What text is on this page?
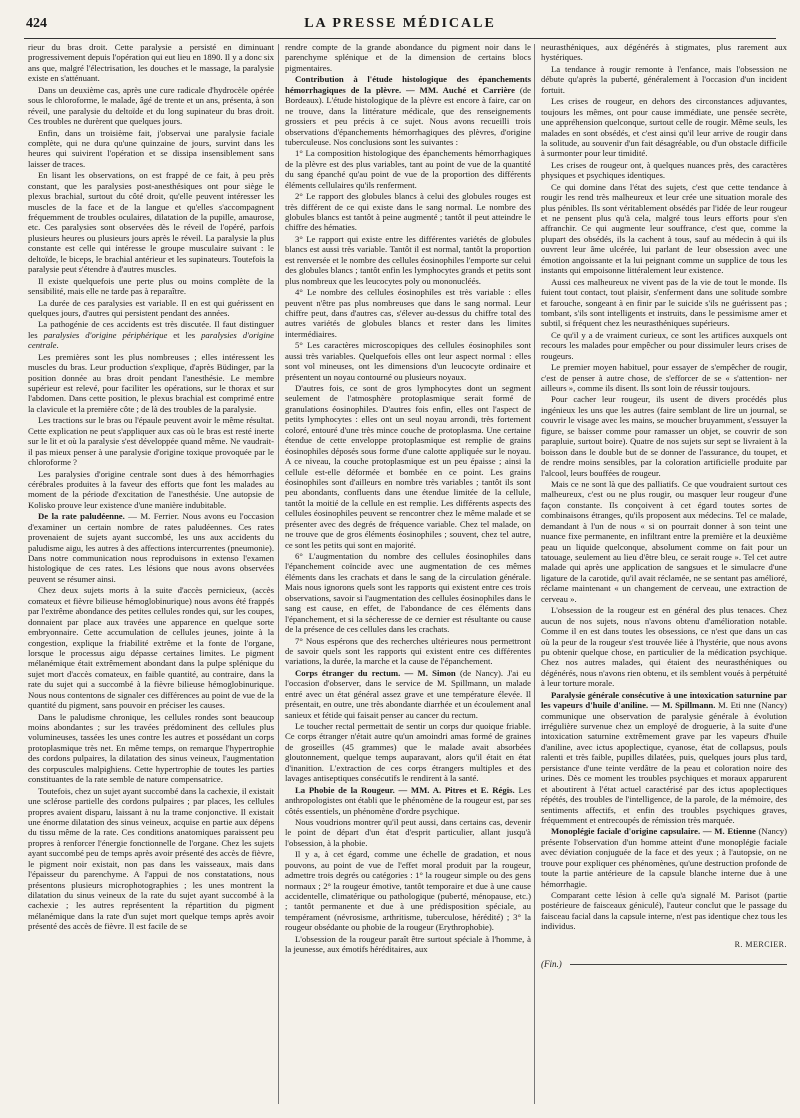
424	LA PRESSE MÉDICALE

rieur du bras droit. Cette paralysie a persisté en diminuant progressivement depuis l'opération qui eut lieu en 1890. Il y a donc six ans que, malgré l'électrisation, les douches et le massage, la paralysie existe en s'atténuant.

Dans un deuxième cas, après une cure radicale d'hydrocèle opérée sous le chloroforme, le malade, âgé de trente et un ans, présenta, à son réveil, une paralysie du deltoïde et du long supinateur du bras droit. Ces troubles ne durèrent que quelques jours.

Enfin, dans un troisième fait, j'observai une paralysie faciale complète, qui ne dura qu'une quinzaine de jours, survint dans les heures qui suivirent l'opération et se dissipa insensiblement sans laisser de traces.

En lisant les observations, on est frappé de ce fait, à peu près constant, que les paralysies post-anesthésiques ont pour siège le plexus brachial, surtout du côté droit, qu'elle peuvent intéresser les muscles de la face et de la langue et qu'elles s'accompagnent fréquemment de troubles oculaires, dilatation de la pupille, amaurose, etc. Ces paralysies sont observées dès le réveil de l'opéré, parfois plusieurs heures ou plusieurs jours après le réveil. La paralysie la plus constante est celle qui intéresse le groupe musculaire suivant : le deltoïde, le biceps, le brachial antérieur et les supinateurs. Toutefois la paralysie peut s'étendre à d'autres muscles.

Il existe quelquefois une perte plus ou moins complète de la sensibilité, mais elle ne tarde pas à reparaître.

La durée de ces paralysies est variable. Il en est qui guérissent en quelques jours, d'autres qui persistent pendant des années.

La pathogénie de ces accidents est très discutée. Il faut distinguer les paralysies d'origine périphérique et les paralysies d'origine centrale.

Les premières sont les plus nombreuses ; elles intéressent les muscles du bras. Leur production s'explique, d'après Büdinger, par la position donnée au bras droit pendant l'anesthésie. Le membre supérieur est relevé, pour faciliter les opérations, sur le thorax et sur l'abdomen. Dans cette position, le plexus brachial est comprimé entre la clavicule et la première côte ; de là des troubles de la paralysie.

Les tractions sur le bras ou l'épaule peuvent avoir le même résultat. Cette explication ne peut s'appliquer aux cas où le bras est resté inerte sur le lit et où la paralysie s'est développée quand même. Ne vaudrait-il pas mieux penser à une paralysie d'origine toxique provoquée par le chloroforme ?

Les paralysies d'origine centrale sont dues à des hémorrhagies cérébrales produites à la faveur des efforts que font les malades au moment de la période d'excitation de l'anesthésie. Une autopsie de Kolisko prouve leur existence d'une manière indubitable.

De la rate paludéenne. — M. Ferrier. Nous avons eu l'occasion d'examiner un certain nombre de rates paludéennes. Ces rates provenaient de sujets ayant succombé, les uns aux accidents du paludisme aigu, les autres à des affections intercurrentes (pneumonie). Dans notre communication nous reproduisons in extenso l'examen histologique de ces rates. Les lésions que nous avons observées peuvent se résumer ainsi.

Chez deux sujets morts à la suite d'accès pernicieux, (accès comateux et fièvre bilieuse hémoglobinurique) nous avons été frappés par l'extrême abondance des petites cellules rondes qui, sur les coupes, donnaient par place aux travées une apparence en quelque sorte embryonnaire. Cette accumulation de cellules jeunes, jointe à la congestion, explique la friabilité extrême et la fonte de l'organe, lorsque le processus aigu dépasse certaines limites. Le pigment mélanémique était extrêmement abondant dans la pulpe splénique du sujet mort d'accès comateux, en faible quantité, au contraire, dans la rate du sujet qui a succombé à la fièvre bilieuse hémoglobinurique. Nous nous contentons de signaler ces différences au point de vue de la quantité du pigment, sans pouvoir en préciser les causes.

Dans le paludisme chronique, les cellules rondes sont beaucoup moins abondantes ; sur les travées prédominent des cellules plus volumineuses, tassées les unes contre les autres et possédant un corps protoplasmique très net. En même temps, on remarque l'hypertrophie des cordons pulpaires, la dilatation des sinus veineux, l'augmentation des corpuscules malpighiens. Cette hypertrophie de toutes les parties constituantes de la rate semble de nature compensatrice.

Toutefois, chez un sujet ayant succombé dans la cachexie, il existait une sclérose partielle des cordons pulpaires ; par places, les cellules propres avaient disparu, laissant à nu la trame conjonctive. Il existait une énorme dilatation des sinus veineux, acquise en partie aux dépens du tissu même de la rate. Ces conditions anatomiques paraissent peu propres à renforcer l'énergie fonctionnelle de l'organe. Chez les sujets ayant succombé peu de temps après avoir présenté des accès de fièvre, le pigment noir existait, non pas dans les vaisseaux, mais dans l'épaisseur du parenchyme. A l'appui de nos constatations, nous présentons plusieurs microphotographies ; les unes montrent la dilatation du sinus veineux de la rate du sujet ayant succombé à la cachexie ; les autres représentent la répartition du pigment mélanémique dans la rate d'un sujet mort quelque temps après avoir présenté des accès de fièvre. Il est facile de se

rendre compte de la grande abondance du pigment noir dans le parenchyme splénique et de la dimension de certains blocs pigmentaires.

Contribution à l'étude histologique des épanchements hémorrhagiques de la plèvre. — MM. Auché et Carrière (de Bordeaux). L'étude histologique de la plèvre est encore à faire, car on ne trouve, dans la littérature médicale, que des renseignements grossiers et peu précis à ce sujet. Nous avons recueilli trois observations d'épanchements hémorrhagiques des plèvres, d'origine tuberculeuse. Nos conclusions sont les suivantes :

1° La composition histologique des épanchements hémorrhagiques de la plèvre est des plus variables, tant au point de vue de la quantité du sang épanché qu'au point de vue de la proportion des différents éléments cellulaires qu'ils renferment.

2° Le rapport des globules blancs à celui des globules rouges est très différent de ce qui existe dans le sang normal. Le nombre des globules blancs est tantôt à peine augmenté ; tantôt il peut atteindre le chiffre des hématies.

3° Le rapport qui existe entre les différentes variétés de globules blancs est aussi très variable. Tantôt il est normal, tantôt la proportion est renversée et le nombre des cellules éosinophiles l'emporte sur celui des globules blancs ; tantôt enfin les lymphocytes grands et petits sont plus nombreux que les leucocytes poly ou mononucléés.

4° Le nombre des cellules éosinophiles est très variable : elles peuvent n'être pas plus nombreuses que dans le sang normal. Leur chiffre peut, dans d'autres cas, s'élever au-dessus du chiffre total des autres variétés de globules blancs et rester dans les limites intermédiaires.

5° Les caractères microscopiques des cellules éosinophiles sont aussi très variables. Quelquefois elles ont leur aspect normal : elles sont vol mineuses, ont les dimensions d'un leucocyte ordinaire et présentent un noyau contourné ou plusieurs noyaux.

D'autres fois, ce sont de gros lymphocytes dont un segment seulement de l'atmosphère protoplasmique serait formé de granulations éosinophiles. D'autres fois enfin, elles ont l'aspect de petits lymphocytes : elles ont un seul noyau arrondi, très fortement coloré, entouré d'une très mince couche de protoplasma. Une certaine étendue de cette enveloppe protoplasmique est remplie de grains éosinophiles déposés sous forme d'une calotte appliquée sur le noyau. A ce niveau, la couche protoplasmique est un peu épaisse ; ainsi la cellule est-elle déformée et bombée en ce point. Les grains éosinophiles sont d'ailleurs en nombre très variables ; tantôt ils sont peu abondants, confluents dans une étendue limitée de la cellule, tantôt la moitié de la cellule en est remplie. Les différents aspects des cellules éosinophiles peuvent se rencontrer chez le même malade et se présenter avec des degrés de fréquence variable. Chez tel malade, on ne trouve que de gros éléments éosinophiles ; souvent, chez tel autre, ce sont les petits qui sont en majorité.

6° L'augmentation du nombre des cellules éosinophiles dans l'épanchement coïncide avec une augmentation de ces mêmes éléments dans les crachats et dans le sang de la circulation générale. Mais nous ignorons quels sont les rapports qui existent entre ces trois observations, savoir si l'augmentation des cellules éosinophiles dans le sang est cause, en effet, de l'abondance de ces éléments dans l'épanchement, et si la sécheresse de ce dernier est résultante ou cause de la présence de ces cellules dans les crachats.

7° Nous espérons que des recherches ultérieures nous permettront de savoir quels sont les rapports qui existent entre ces différentes variations, la durée, la marche et la cause de l'épanchement.

Corps étranger du rectum. — M. Simon (de Nancy). J'ai eu l'occasion d'observer, dans le service de M. Spillmann, un malade entré avec un état général assez grave et une température élevée. Il présentait, en outre, une très abondante diarrhée et un écoulement anal sanieux et fétide qui faisait penser au cancer du rectum.

Le toucher rectal permettait de sentir un corps dur quoique friable. Ce corps étranger n'était autre qu'un amoindri amas formé de graines de groseilles (45 grammes) que le malade avait absorbées gloutonnement, quelque temps auparavant, alors qu'il était en état d'inanition. L'extraction de ces corps étrangers multiples et des lavages antiseptiques consécutifs le rendirent à la santé.

La Phobie de la Rougeur. — MM. A. Pitres et E. Régis. Les anthropologistes ont établi que le phénomène de la rougeur est, par ses côtés essentiels, un phénomène d'ordre psychique.

Nous voudrions montrer qu'il peut aussi, dans certains cas, devenir le point de départ d'un état d'esprit particulier, allant jusqu'à l'obsession, à la phobie.

Il y a, à cet égard, comme une échelle de gradation, et nous pouvons, au point de vue de l'effet moral produit par la rougeur, admettre trois degrés ou catégories : 1° la rougeur simple ou des gens normaux ; 2° la rougeur émotive, tantôt temporaire et due à une cause accidentelle, climatérique ou pathologique (puberté, ménopause, etc.) ; tantôt permanente et due à une prédisposition spéciale, au tempérament (névrosisme, arthritisme, tuberculose, hérédité) ; 3° la rougeur obsédante ou phobie de la rougeur (Erythrophobie).

L'obsession de la rougeur paraît être surtout spéciale à l'homme, à la jeunesse, aux émotifs héréditaires, aux

neurasthéniques, aux dégénérés à stigmates, plus rarement aux hystériques.

La tendance à rougir remonte à l'enfance, mais l'obsession ne débute qu'après la puberté, généralement à l'occasion d'un incident fortuit.

Les crises de rougeur, en dehors des circonstances adjuvantes, toujours les mêmes, ont pour cause immédiate, une pensée secrète, une appréhension quelconque, surtout celle de rougir. Même seuls, les malades en sont obsédés, et c'est ainsi qu'il leur arrive de rougir dans la solitude, au souvenir d'un fait désagréable, ou d'un obstacle difficile à surmonter pour leur timidité.

Les crises de rougeur ont, à quelques nuances près, des caractères physiques et psychiques identiques.

Ce qui domine dans l'état des sujets, c'est que cette tendance à rougir les rend très malheureux et leur crée une situation morale des plus pénibles. Ils sont véritablement obsédés par l'idée de leur rougeur et ne pensent plus qu'à cela, malgré tous leurs efforts pour s'en affranchir. Ce qui augmente leur souffrance, c'est que, comme la plupart des obsédés, ils la cachent à tous, sauf au médecin à qui ils ouvrent leur âme ulcérée, lui parlant de leur obsession avec une émotion angoissante et la lui peignant comme un supplice de tous les instants qui empoisonne littéralement leur existence.

Aussi ces malheureux ne vivent pas de la vie de tout le monde. Ils fuient tout contact, tout plaisir, s'enferment dans une solitude sombre et farouche, songeant à en finir par le suicide s'ils ne guérissent pas ; tombant, s'ils sont intelligents et instruits, dans le pessimisme amer et subtil, si fréquent chez les neurasthéniques supérieurs.

Ce qu'il y a de vraiment curieux, ce sont les artifices auxquels ont recours les malades pour empêcher ou pour dissimuler leurs crises de rougeurs.

Le premier moyen habituel, pour essayer de s'empêcher de rougir, c'est de penser à autre chose, de s'efforcer de se « s'attention- ner ailleurs », comme ils disent. Ils sont loin de réussir toujours.

Pour cacher leur rougeur, ils usent de divers procédés plus ingénieux les uns que les autres (faire semblant de lire un journal, se couvrir le visage avec les mains, se moucher bruyamment, s'essuyer la figure, se baisser comme pour ramasser un objet, se couvrir de son parapluie, surtout boire). Quatre de nos sujets sur sept se livraient à la boisson dans le double but de se donner de l'assurance, du toupet, et de rendre moins sensibles, par la coloration artificielle produite par l'alcool, leurs bouffées de rougeur.

Mais ce ne sont là que des palliatifs. Ce que voudraient surtout ces malheureux, c'est ou ne plus rougir, ou masquer leur rougeur d'une façon constante. Ils conçoivent à cet égard toutes sortes de combinaisons étranges, qu'ils proposent aux médecins. Tel ce malade, demandant à l'un de nous « si on pourrait donner à son teint une nuance fixe permanente, en infiltrant entre la première et la deuxième peau un liquide quelconque, absolument comme on fait pour un tatouage, seulement au lieu d'être bleu, ce serait rouge ». Tel cet autre malade qui après une application de sangsues et le simulacre d'une ligature de la carotide, qu'il avait réclamée, ne se sentant pas amélioré, réclame maintenant « un changement de cerveau, une extraction de cerveau ».

L'obsession de la rougeur est en général des plus tenaces. Chez aucun de nos sujets, nous n'avons obtenu d'amélioration notable. Comme il en est dans toutes les obsessions, ce n'est que dans un cas où la peur de la rougeur s'est trouvée liée à l'hystérie, que nous avons pu obtenir quelque chose, en particulier de la médication psychique. Chez nos autres malades, qui étaient des neurasthéniques ou dégénérés, nous n'avons rien obtenu, et ils semblent voués à perpétuité à leur torture morale.

Paralysie générale consécutive à une intoxication saturnine par les vapeurs d'huile d'aniline. — M. Spillmann. M. Eti nne (Nancy) communique une observation de paralysie générale à évolution irrégulière survenue chez un employé de droguerie, à la suite d'une intoxication saturnine extrêmement grave par les vapeurs d'huile d'aniline, avec ictus apoplectique, cyanose, état de collapsus, pouls ralenti et très faible, pupilles dilatées, puis, quelques jours plus tard, persistance d'une teinte verdâtre de la peau et coloration noire des urines. Dès ce moment les troubles psychiques et moraux apparurent et aboutirent à l'état actuel caractérisé par des ictus apoplectiques répétés, des troubles de l'intelligence, de la parole, de la mémoire, des sentiments affectifs, et enfin des troubles psychiques graves, fréquemment et entrecoupés de rémission très marquée.

Monoplégie faciale d'origine capsulaire. — M. Etienne (Nancy) présente l'observation d'un homme atteint d'une monoplégie faciale avec déviation conjuguée de la face et des yeux ; à l'autopsie, on ne trouve pour expliquer ces phénomènes, qu'une destruction profonde de toute la partie antérieure de la capsule blanche interne due à une hémorrhagie.

Comparant cette lésion à celle qu'a signalé M. Parisot (partie postérieure de faisceaux géniculé), l'auteur conclut que le passage du faisceau facial dans la capsule interne, n'est pas identique chez tous les individus.

R. MERCIER.
(Fin.)
